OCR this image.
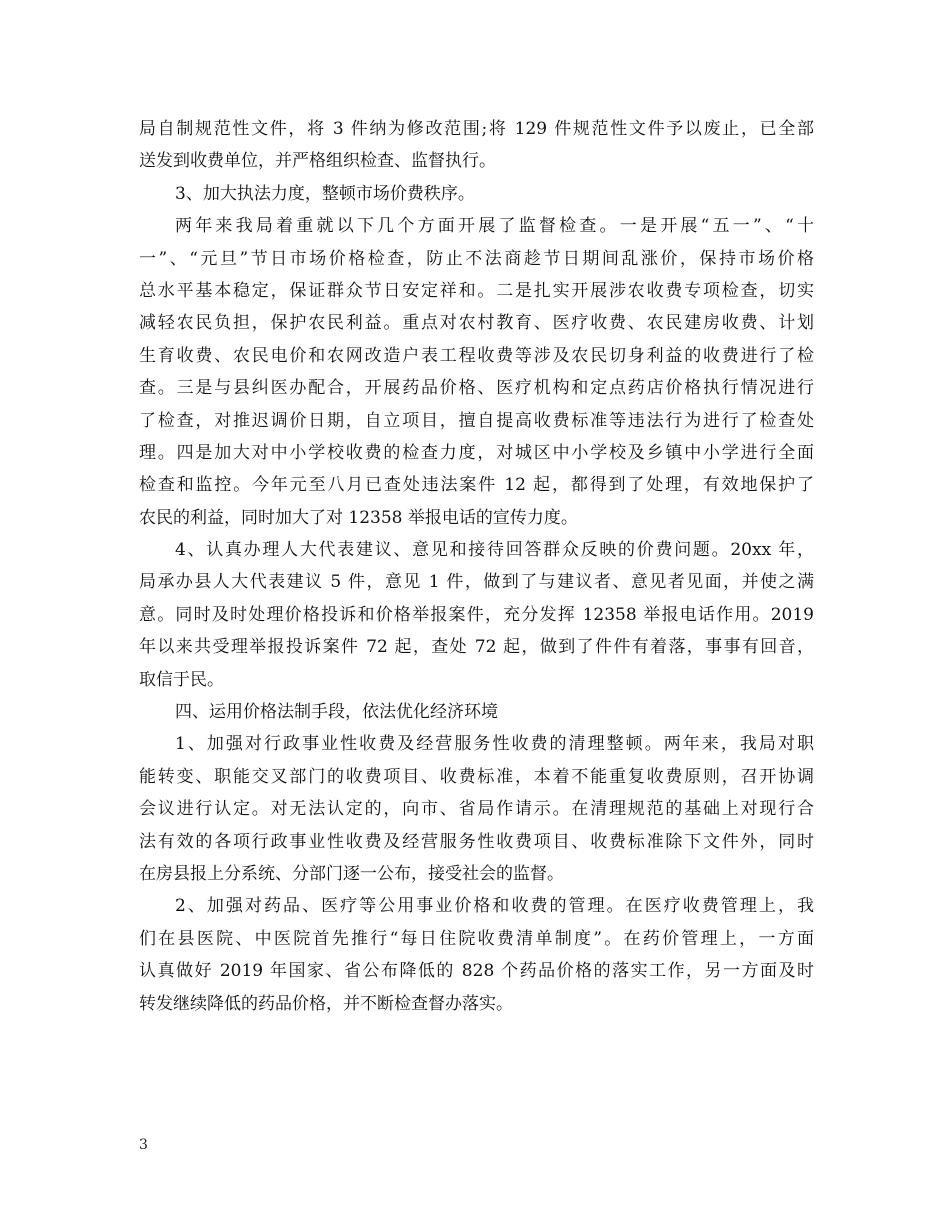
局自制规范性文件，将 3 件纳为修改范围;将 129 件规范性文件予以废止，已全部
送发到收费单位，并严格组织检查、监督执行。
3、加大执法力度，整顿市场价费秩序。
两年来我局着重就以下几个方面开展了监督检查。一是开展“五一”、“十
一”、“元旦”节日市场价格检查，防止不法商趁节日期间乱涨价，保持市场价格
总水平基本稳定，保证群众节日安定祥和。二是扎实开展涉农收费专项检查，切实
减轻农民负担，保护农民利益。重点对农村教育、医疗收费、农民建房收费、计划
生育收费、农民电价和农网改造户表工程收费等涉及农民切身利益的收费进行了检
查。三是与县纠医办配合，开展药品价格、医疗机构和定点药店价格执行情况进行
了检查，对推迟调价日期，自立项目，擅自提高收费标准等违法行为进行了检查处
理。四是加大对中小学校收费的检查力度，对城区中小学校及乡镇中小学进行全面
检查和监控。今年元至八月已查处违法案件 12 起，都得到了处理，有效地保护了
农民的利益，同时加大了对 12358 举报电话的宣传力度。
4、认真办理人大代表建议、意见和接待回答群众反映的价费问题。20xx 年，
局承办县人大代表建议 5 件，意见 1 件，做到了与建议者、意见者见面，并使之满
意。同时及时处理价格投诉和价格举报案件，充分发挥 12358 举报电话作用。2019
年以来共受理举报投诉案件 72 起，查处 72 起，做到了件件有着落，事事有回音，
取信于民。
四、运用价格法制手段，依法优化经济环境
1、加强对行政事业性收费及经营服务性收费的清理整顿。两年来，我局对职
能转变、职能交叉部门的收费项目、收费标准，本着不能重复收费原则，召开协调
会议进行认定。对无法认定的，向市、省局作请示。在清理规范的基础上对现行合
法有效的各项行政事业性收费及经营服务性收费项目、收费标准除下文件外，同时
在房县报上分系统、分部门逐一公布，接受社会的监督。
2、加强对药品、医疗等公用事业价格和收费的管理。在医疗收费管理上，我
们在县医院、中医院首先推行“每日住院收费清单制度”。在药价管理上，一方面
认真做好 2019 年国家、省公布降低的 828 个药品价格的落实工作，另一方面及时
转发继续降低的药品价格，并不断检查督办落实。
3
